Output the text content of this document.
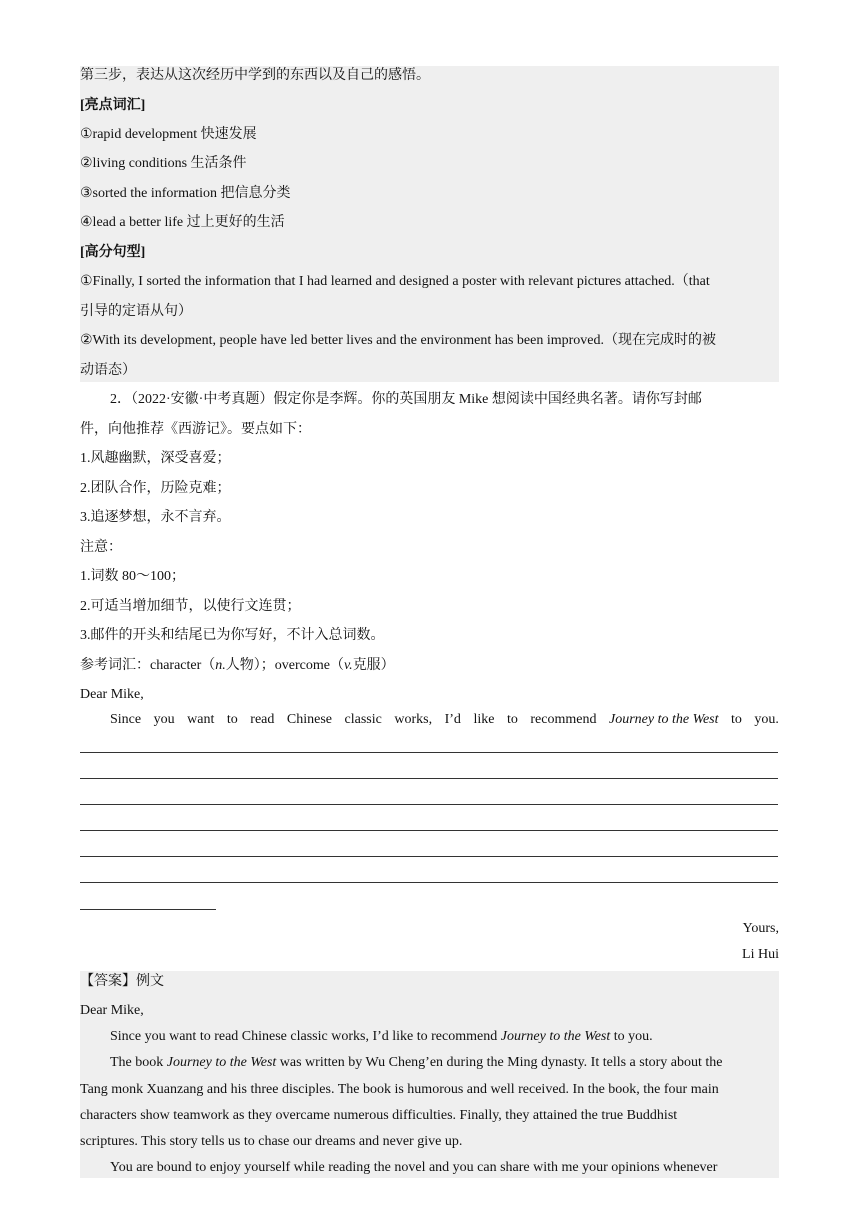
第三步，表达从这次经历中学到的东西以及自己的感悟。
[亮点词汇]
①rapid development 快速发展
②living conditions 生活条件
③sorted the information 把信息分类
④lead a better life 过上更好的生活
[高分句型]
①Finally, I sorted the information that I had learned and designed a poster with relevant pictures attached.（that
引导的定语从句）
②With its development, people have led better lives and the environment has been improved.（现在完成时的被
动语态）
2．（2022·安徽·中考真题）假定你是李辉。你的英国朋友 Mike 想阅读中国经典名著。请你写封邮
件，向他推荐《西游记》。要点如下：
1.风趣幽默，深受喜爱；
2.团队合作，历险克难；
3.追逐梦想，永不言弃。
注意：
1.词数 80～100；
2.可适当增加细节，以使行文连贯；
3.邮件的开头和结尾已为你写好，不计入总词数。
参考词汇：character（n.人物）；overcome（v.克服）
Dear Mike,
Since you want to read Chinese classic works, I’d like to recommend Journey to the West to you.
Yours,
Li Hui
【答案】例文
Dear Mike,
Since you want to read Chinese classic works, I’d like to recommend Journey to the West to you.
The book Journey to the West was written by Wu Cheng’en during the Ming dynasty. It tells a story about the
Tang monk Xuanzang and his three disciples. The book is humorous and well received. In the book, the four main
characters show teamwork as they overcame numerous difficulties. Finally, they attained the true Buddhist
scriptures. This story tells us to chase our dreams and never give up.
You are bound to enjoy yourself while reading the novel and you can share with me your opinions whenever
